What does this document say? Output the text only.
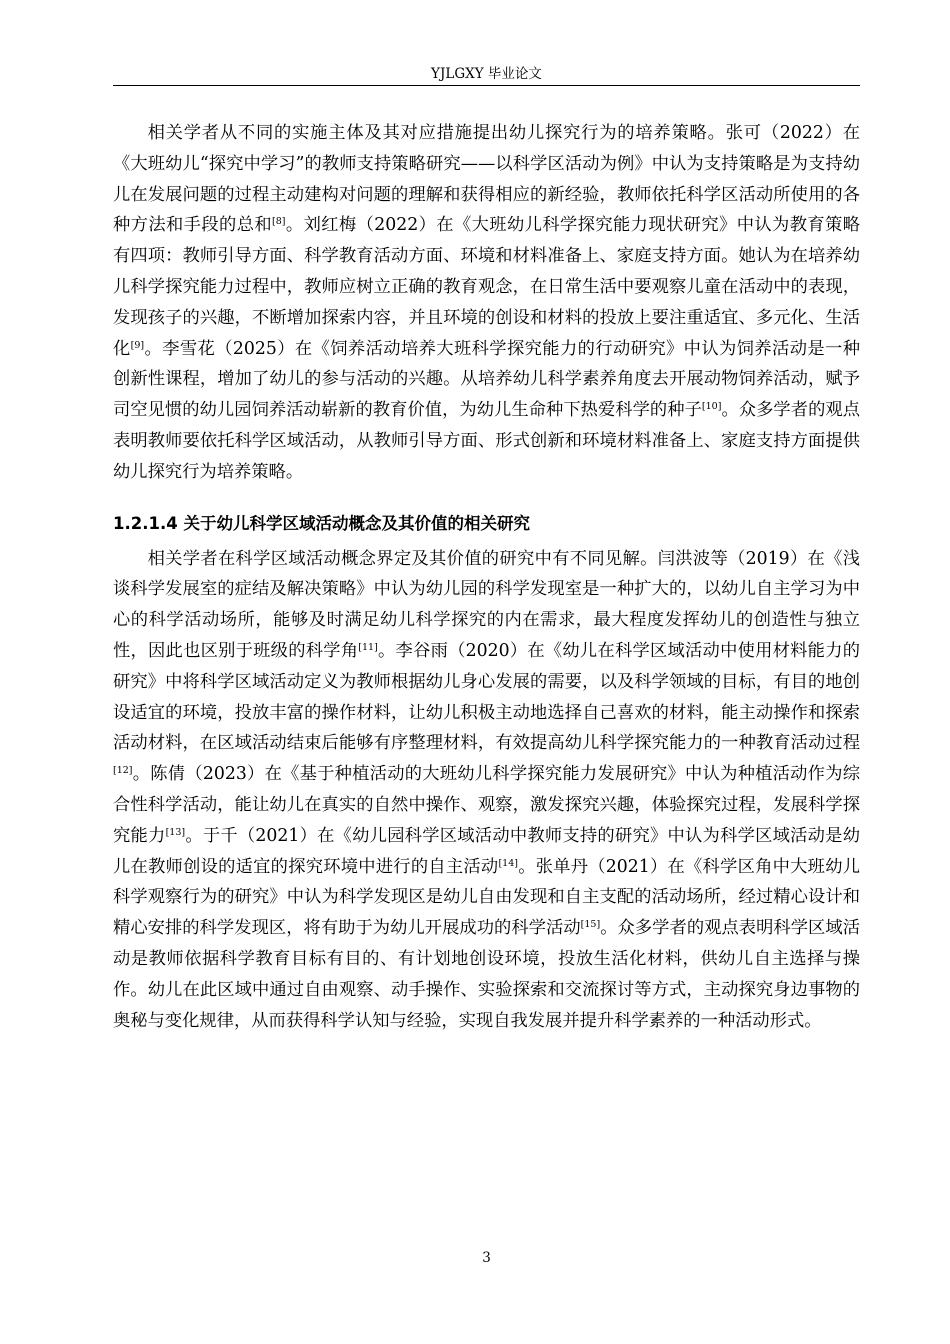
YJLGXY 毕业论文

相关学者从不同的实施主体及其对应措施提出幼儿探究行为的培养策略。张可（2022）在《大班幼儿“探究中学习”的教师支持策略研究——以科学区活动为例》中认为支持策略是为支持幼儿在发展问题的过程主动建构对问题的理解和获得相应的新经验，教师依托科学区活动所使用的各种方法和手段的总和[8]。刘红梅（2022）在《大班幼儿科学探究能力现状研究》中认为教育策略有四项：教师引导方面、科学教育活动方面、环境和材料准备上、家庭支持方面。她认为在培养幼儿科学探究能力过程中，教师应树立正确的教育观念，在日常生活中要观察儿童在活动中的表现，发现孩子的兴趣，不断增加探索内容，并且环境的创设和材料的投放上要注重适宜、多元化、生活化[9]。李雪花（2025）在《饲养活动培养大班科学探究能力的行动研究》中认为饲养活动是一种创新性课程，增加了幼儿的参与活动的兴趣。从培养幼儿科学素养角度去开展动物饲养活动，赋予司空见惯的幼儿园饲养活动崭新的教育价值，为幼儿生命种下热爱科学的种子[10]。众多学者的观点表明教师要依托科学区域活动，从教师引导方面、形式创新和环境材料准备上、家庭支持方面提供幼儿探究行为培养策略。

1.2.1.4 关于幼儿科学区域活动概念及其价值的相关研究

相关学者在科学区域活动概念界定及其价值的研究中有不同见解。闫洪波等（2019）在《浅谈科学发展室的症结及解决策略》中认为幼儿园的科学发现室是一种扩大的，以幼儿自主学习为中心的科学活动场所，能够及时满足幼儿科学探究的内在需求，最大程度发挥幼儿的创造性与独立性，因此也区别于班级的科学角[11]。李谷雨（2020）在《幼儿在科学区域活动中使用材料能力的研究》中将科学区域活动定义为教师根据幼儿身心发展的需要，以及科学领域的目标，有目的地创设适宜的环境，投放丰富的操作材料，让幼儿积极主动地选择自己喜欢的材料，能主动操作和探索活动材料，在区域活动结束后能够有序整理材料，有效提高幼儿科学探究能力的一种教育活动过程[12]。陈倩（2023）在《基于种植活动的大班幼儿科学探究能力发展研究》中认为种植活动作为综合性科学活动，能让幼儿在真实的自然中操作、观察，激发探究兴趣，体验探究过程，发展科学探究能力[13]。于千（2021）在《幼儿园科学区域活动中教师支持的研究》中认为科学区域活动是幼儿在教师创设的适宜的探究环境中进行的自主活动[14]。张单丹（2021）在《科学区角中大班幼儿科学观察行为的研究》中认为科学发现区是幼儿自由发现和自主支配的活动场所，经过精心设计和精心安排的科学发现区，将有助于为幼儿开展成功的科学活动[15]。众多学者的观点表明科学区域活动是教师依据科学教育目标有目的、有计划地创设环境，投放生活化材料，供幼儿自主选择与操作。幼儿在此区域中通过自由观察、动手操作、实验探索和交流探讨等方式，主动探究身边事物的奥秘与变化规律，从而获得科学认知与经验，实现自我发展并提升科学素养的一种活动形式。

3
